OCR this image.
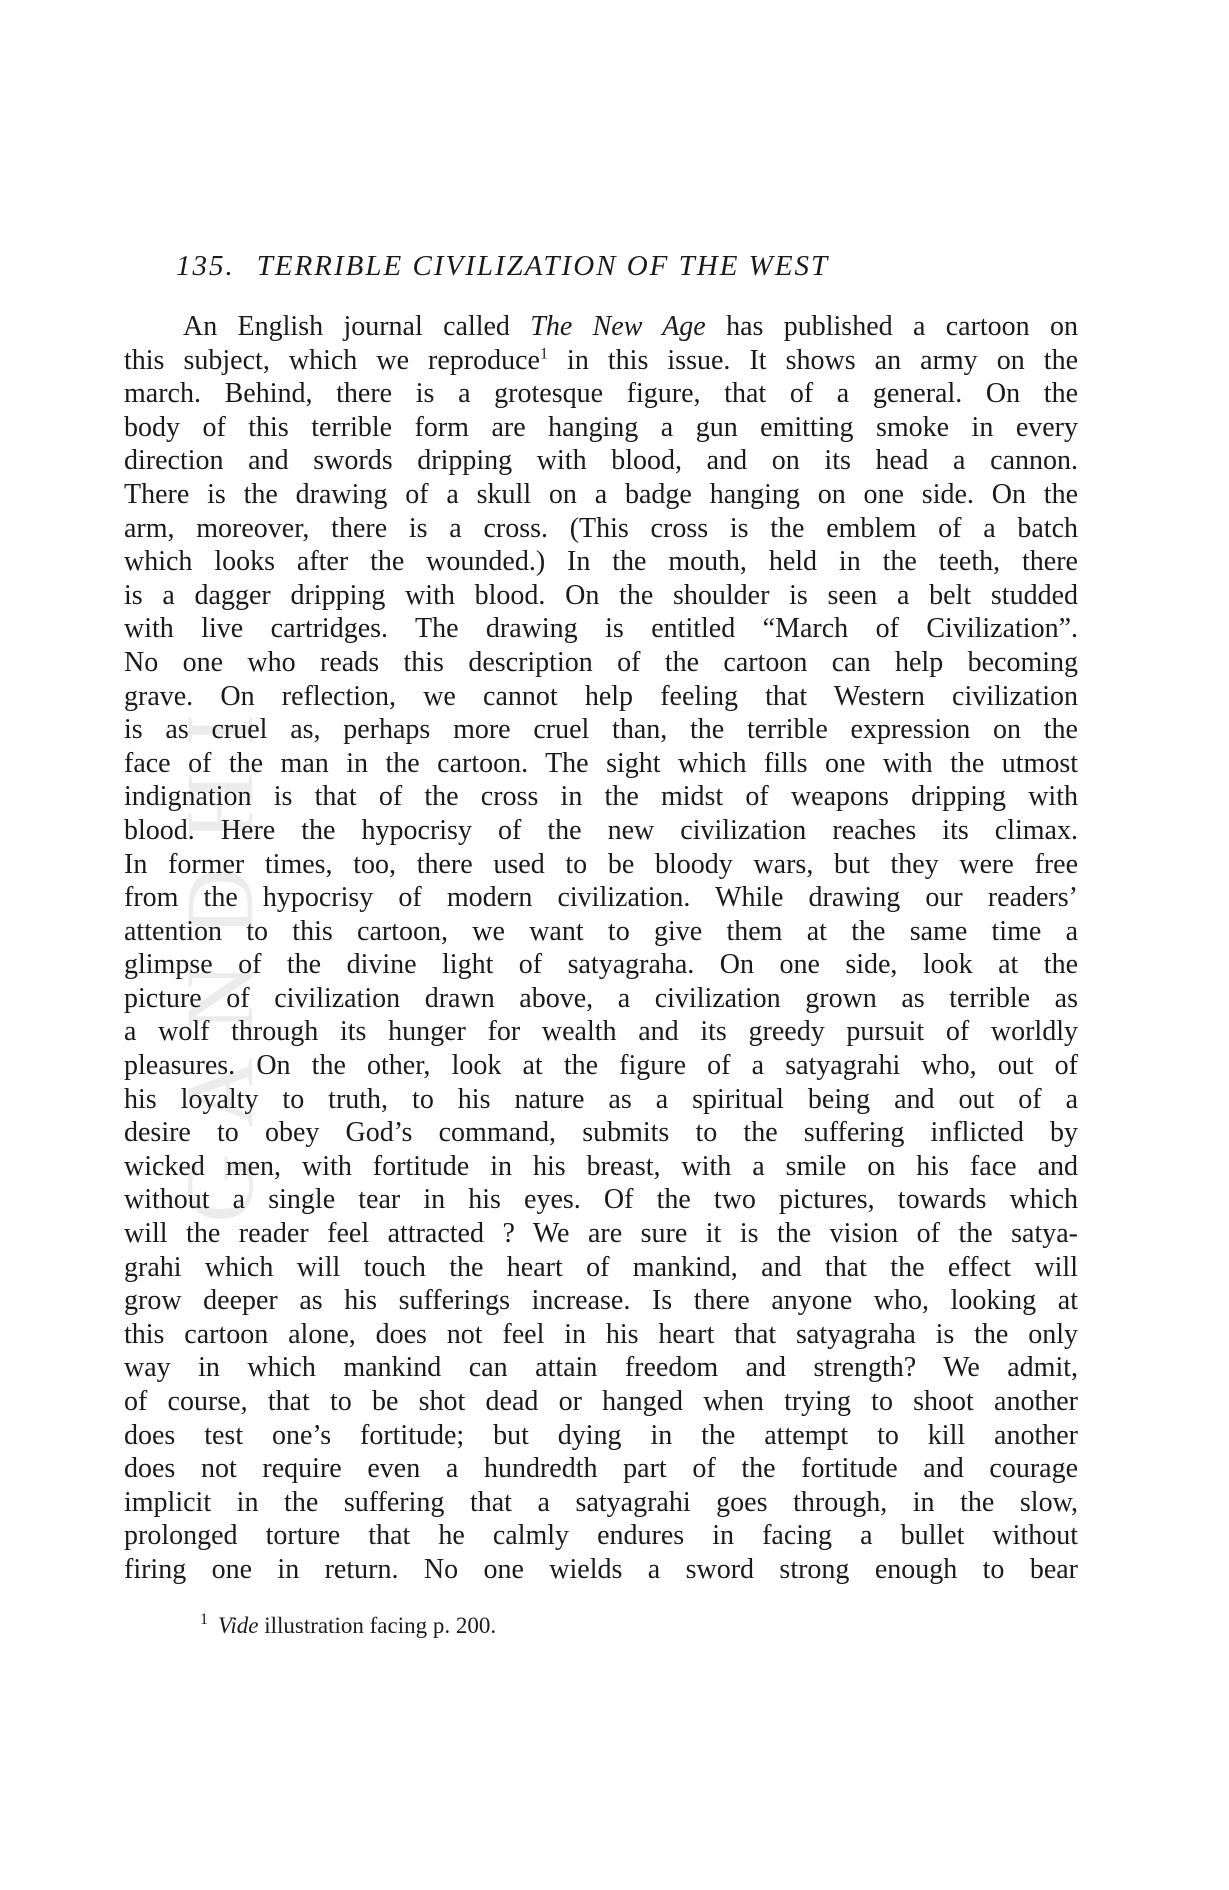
GANDHI
135. TERRIBLE CIVILIZATION OF THE WEST
An English journal called The New Age has published a cartoon on
this subject, which we reproduce$^1$ in this issue. It shows an army on the
march. Behind, there is a grotesque figure, that of a general. On the
body of this terrible form are hanging a gun emitting smoke in every
direction and swords dripping with blood, and on its head a cannon.
There is the drawing of a skull on a badge hanging on one side. On the
arm, moreover, there is a cross. (This cross is the emblem of a batch
which looks after the wounded.) In the mouth, held in the teeth, there
is a dagger dripping with blood. On the shoulder is seen a belt studded
with live cartridges. The drawing is entitled “March of Civilization”.
No one who reads this description of the cartoon can help becoming
grave. On reflection, we cannot help feeling that Western civilization
is as cruel as, perhaps more cruel than, the terrible expression on the
face of the man in the cartoon. The sight which fills one with the utmost
indignation is that of the cross in the midst of weapons dripping with
blood. Here the hypocrisy of the new civilization reaches its climax.
In former times, too, there used to be bloody wars, but they were free
from the hypocrisy of modern civilization. While drawing our readers’
attention to this cartoon, we want to give them at the same time a
glimpse of the divine light of satyagraha. On one side, look at the
picture of civilization drawn above, a civilization grown as terrible as
a wolf through its hunger for wealth and its greedy pursuit of worldly
pleasures. On the other, look at the figure of a satyagrahi who, out of
his loyalty to truth, to his nature as a spiritual being and out of a
desire to obey God’s command, submits to the suffering inflicted by
wicked men, with fortitude in his breast, with a smile on his face and
without a single tear in his eyes. Of the two pictures, towards which
will the reader feel attracted ? We are sure it is the vision of the satya-
grahi which will touch the heart of mankind, and that the effect will
grow deeper as his sufferings increase. Is there anyone who, looking at
this cartoon alone, does not feel in his heart that satyagraha is the only
way in which mankind can attain freedom and strength? We admit,
of course, that to be shot dead or hanged when trying to shoot another
does test one’s fortitude; but dying in the attempt to kill another
does not require even a hundredth part of the fortitude and courage
implicit in the suffering that a satyagrahi goes through, in the slow,
prolonged torture that he calmly endures in facing a bullet without
firing one in return. No one wields a sword strong enough to bear
$^1$ Vide illustration facing p. 200.
